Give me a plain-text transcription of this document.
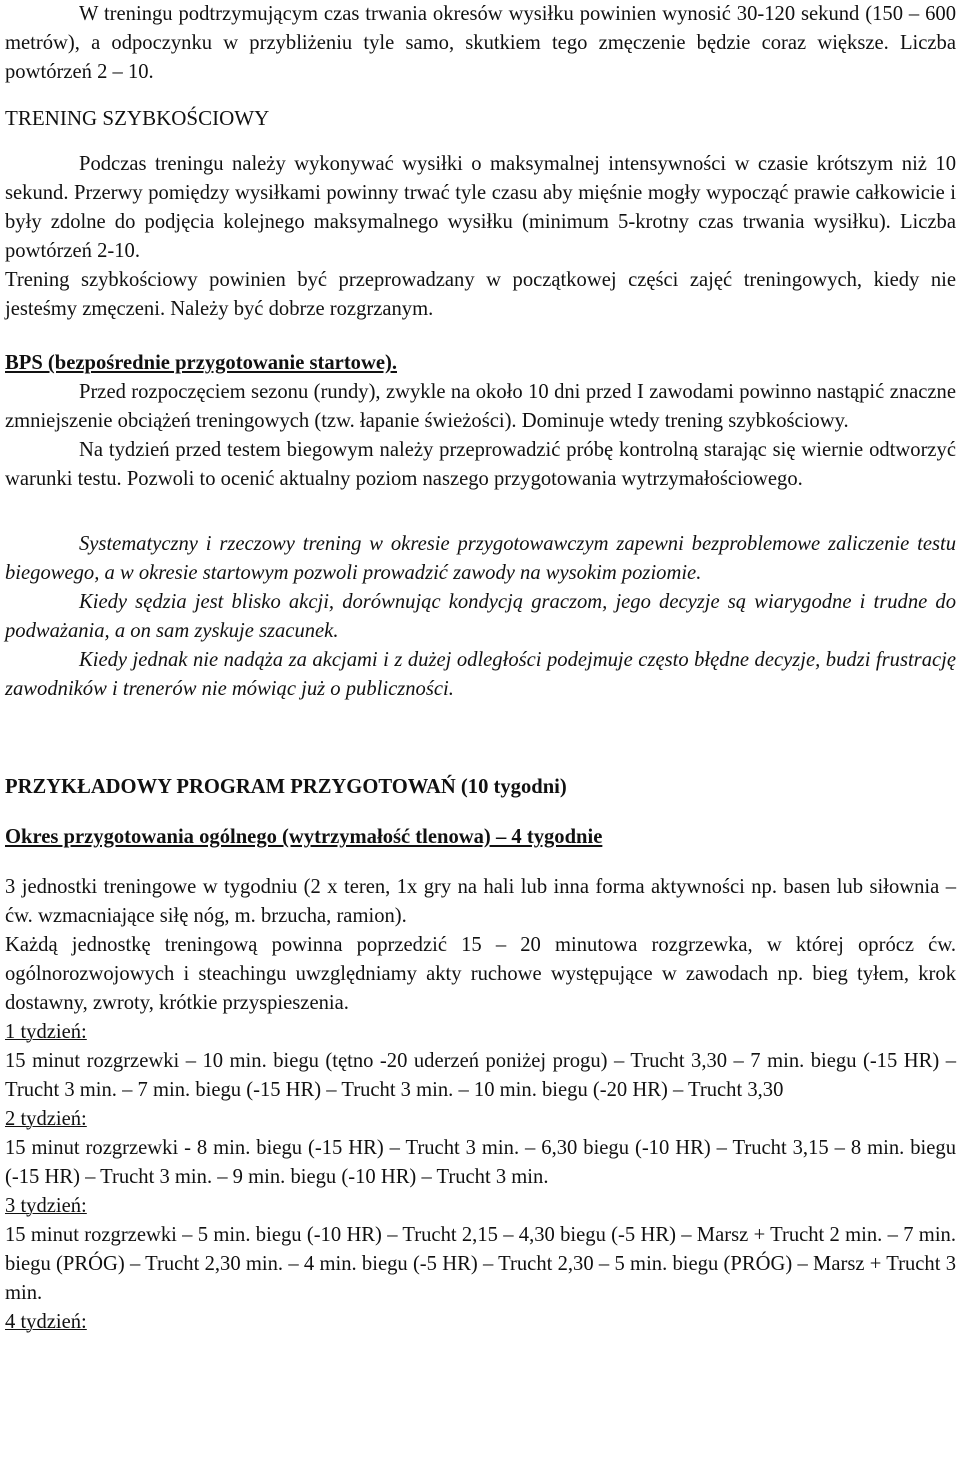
W treningu podtrzymującym czas trwania okresów wysiłku powinien wynosić 30-120 sekund (150 – 600 metrów), a odpoczynku w przybliżeniu tyle samo, skutkiem tego zmęczenie będzie coraz większe. Liczba powtórzeń 2 – 10.

TRENING SZYBKOŚCIOWY

Podczas treningu należy wykonywać wysiłki o maksymalnej intensywności w czasie krótszym niż 10 sekund. Przerwy pomiędzy wysiłkami powinny trwać tyle czasu aby mięśnie mogły wypocząć prawie całkowicie i były zdolne do podjęcia kolejnego maksymalnego wysiłku (minimum 5-krotny czas trwania wysiłku). Liczba powtórzeń 2-10.

Trening szybkościowy powinien być przeprowadzany w początkowej części zajęć treningowych, kiedy nie jesteśmy zmęczeni. Należy być dobrze rozgrzanym.

BPS (bezpośrednie przygotowanie startowe).

Przed rozpoczęciem sezonu (rundy), zwykle na około 10 dni przed I zawodami powinno nastąpić znaczne zmniejszenie obciążeń treningowych (tzw. łapanie świeżości). Dominuje wtedy trening szybkościowy.

Na tydzień przed testem biegowym należy przeprowadzić próbę kontrolną starając się wiernie odtworzyć warunki testu. Pozwoli to ocenić aktualny poziom naszego przygotowania wytrzymałościowego.

Systematyczny i rzeczowy trening w okresie przygotowawczym zapewni bezproblemowe zaliczenie testu biegowego, a w okresie startowym pozwoli prowadzić zawody na wysokim poziomie.

Kiedy sędzia jest blisko akcji, dorównując kondycją graczom, jego decyzje są wiarygodne i trudne do podważania, a on sam zyskuje szacunek.

Kiedy jednak nie nadąża za akcjami i z dużej odległości podejmuje często błędne decyzje, budzi frustrację zawodników i trenerów nie mówiąc już o publiczności.

PRZYKŁADOWY PROGRAM PRZYGOTOWAŃ (10 tygodni)

Okres przygotowania ogólnego (wytrzymałość tlenowa) – 4 tygodnie

3 jednostki treningowe w tygodniu (2 x teren, 1x gry na hali lub inna forma aktywności np. basen lub siłownia – ćw. wzmacniające siłę nóg, m. brzucha, ramion).

Każdą jednostkę treningową powinna poprzedzić 15 – 20 minutowa rozgrzewka, w której oprócz ćw. ogólnorozwojowych i steachingu uwzględniamy akty ruchowe występujące w zawodach np. bieg tyłem, krok dostawny, zwroty, krótkie przyspieszenia.

1 tydzień:

15 minut rozgrzewki – 10 min. biegu (tętno -20 uderzeń poniżej progu) – Trucht 3,30 – 7 min. biegu (-15 HR) – Trucht 3 min. – 7 min. biegu (-15 HR) – Trucht 3 min. – 10 min. biegu (-20 HR) – Trucht 3,30

2 tydzień:

15 minut rozgrzewki - 8 min. biegu (-15 HR) – Trucht 3 min. – 6,30 biegu (-10 HR) – Trucht 3,15 – 8 min. biegu (-15 HR) – Trucht 3 min. – 9 min. biegu (-10 HR) – Trucht 3 min.

3 tydzień:

15 minut rozgrzewki – 5 min. biegu (-10 HR) – Trucht 2,15 – 4,30 biegu (-5 HR) – Marsz + Trucht 2 min. – 7 min. biegu (PRÓG) – Trucht 2,30 min. – 4 min. biegu (-5 HR) – Trucht 2,30 – 5 min. biegu (PRÓG) – Marsz + Trucht 3 min.

4 tydzień:
